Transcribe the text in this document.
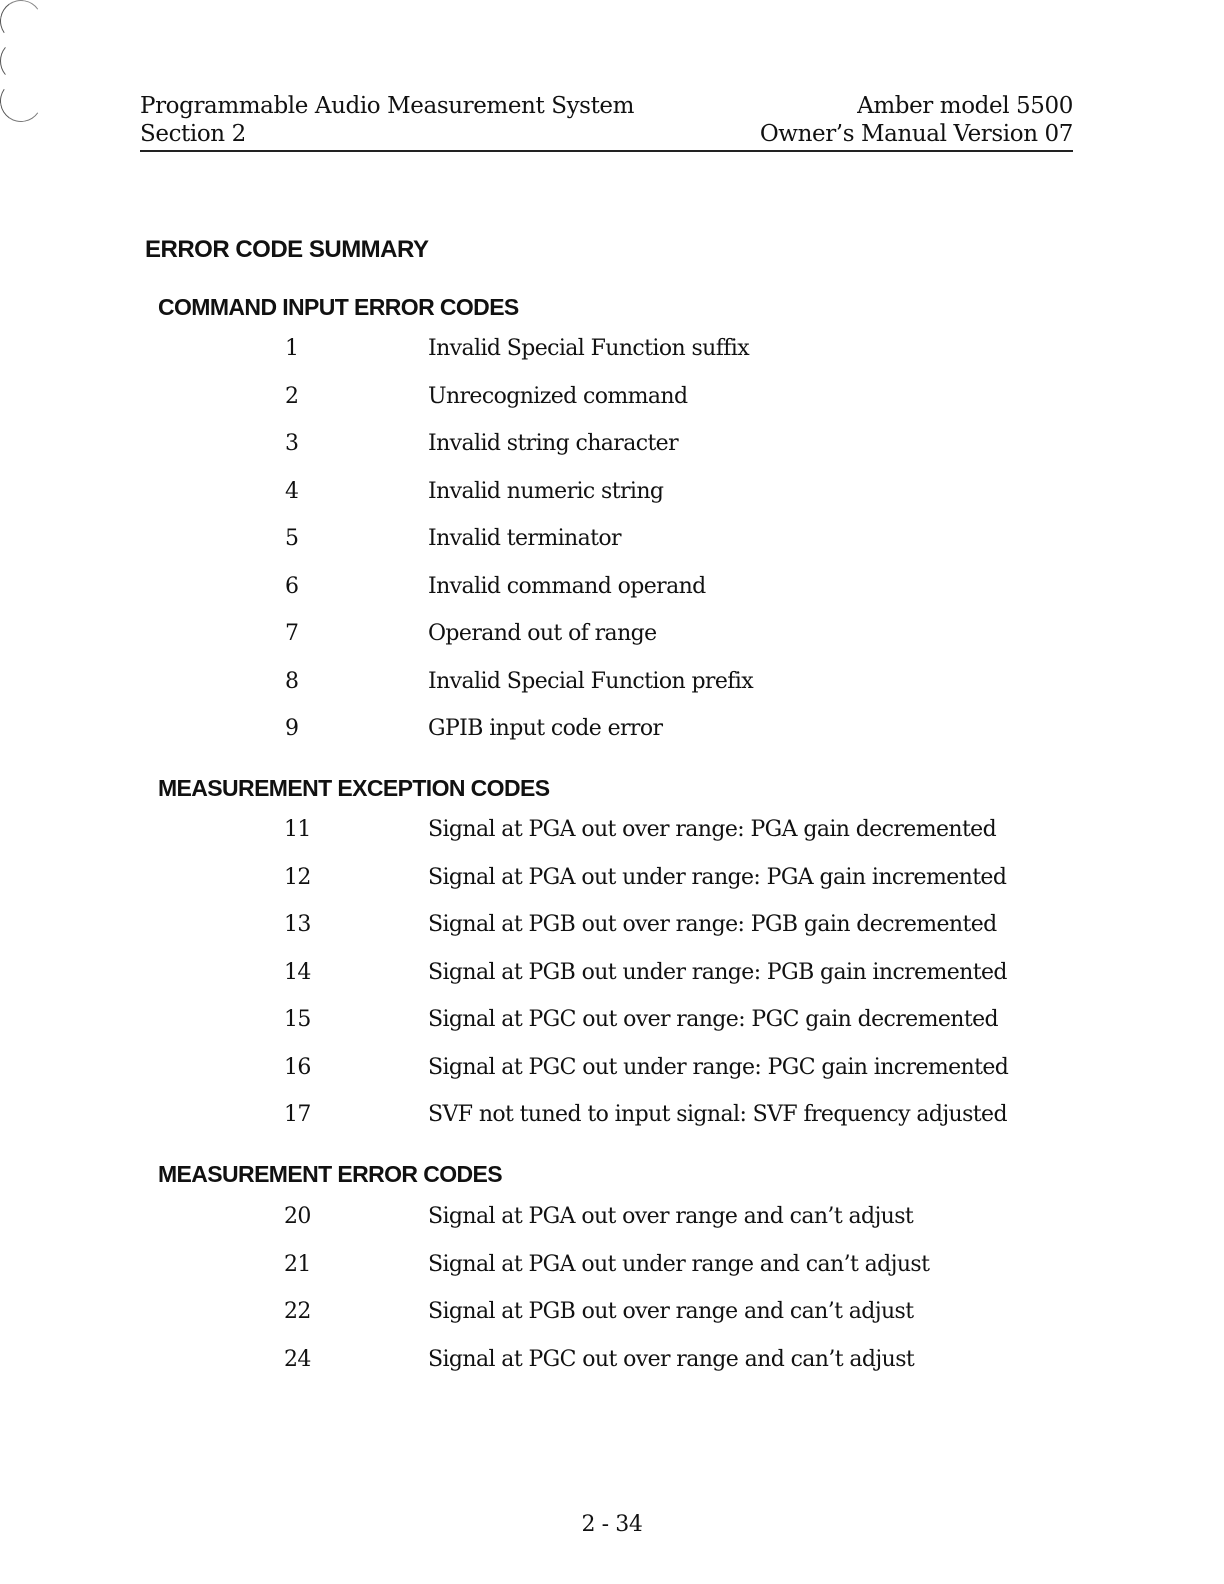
Programmable Audio Measurement System	Amber model 5500
Section 2	Owner’s Manual Version 07
ERROR CODE SUMMARY
COMMAND INPUT ERROR CODES
1	Invalid Special Function suffix
2	Unrecognized command
3	Invalid string character
4	Invalid numeric string
5	Invalid terminator
6	Invalid command operand
7	Operand out of range
8	Invalid Special Function prefix
9	GPIB input code error
MEASUREMENT EXCEPTION CODES
11	Signal at PGA out over range: PGA gain decremented
12	Signal at PGA out under range: PGA gain incremented
13	Signal at PGB out over range: PGB gain decremented
14	Signal at PGB out under range: PGB gain incremented
15	Signal at PGC out over range: PGC gain decremented
16	Signal at PGC out under range: PGC gain incremented
17	SVF not tuned to input signal: SVF frequency adjusted
MEASUREMENT ERROR CODES
20	Signal at PGA out over range and can’t adjust
21	Signal at PGA out under range and can’t adjust
22	Signal at PGB out over range and can’t adjust
24	Signal at PGC out over range and can’t adjust
2 - 34
